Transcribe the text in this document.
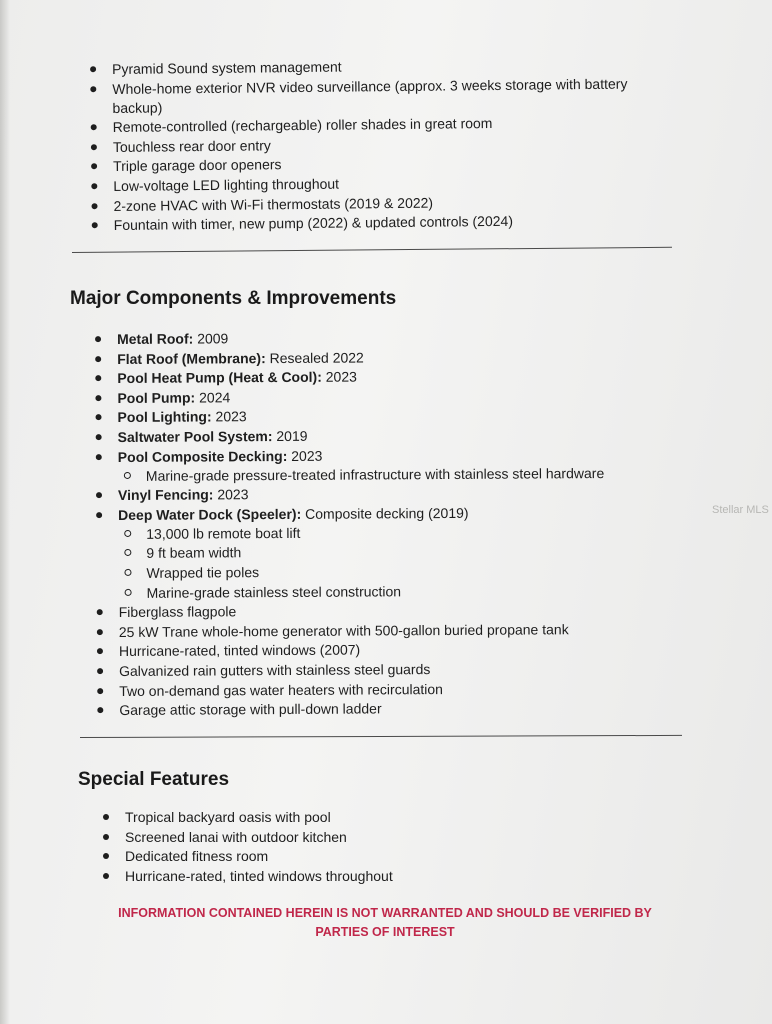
Pyramid Sound system management
Whole-home exterior NVR video surveillance (approx. 3 weeks storage with battery backup)
Remote-controlled (rechargeable) roller shades in great room
Touchless rear door entry
Triple garage door openers
Low-voltage LED lighting throughout
2-zone HVAC with Wi-Fi thermostats (2019 & 2022)
Fountain with timer, new pump (2022) & updated controls (2024)
Major Components & Improvements
Metal Roof: 2009
Flat Roof (Membrane): Resealed 2022
Pool Heat Pump (Heat & Cool): 2023
Pool Pump: 2024
Pool Lighting: 2023
Saltwater Pool System: 2019
Pool Composite Decking: 2023
Marine-grade pressure-treated infrastructure with stainless steel hardware
Vinyl Fencing: 2023
Deep Water Dock (Speeler): Composite decking (2019)
13,000 lb remote boat lift
9 ft beam width
Wrapped tie poles
Marine-grade stainless steel construction
Fiberglass flagpole
25 kW Trane whole-home generator with 500-gallon buried propane tank
Hurricane-rated, tinted windows (2007)
Galvanized rain gutters with stainless steel guards
Two on-demand gas water heaters with recirculation
Garage attic storage with pull-down ladder
Special Features
Tropical backyard oasis with pool
Screened lanai with outdoor kitchen
Dedicated fitness room
Hurricane-rated, tinted windows throughout
INFORMATION CONTAINED HEREIN IS NOT WARRANTED AND SHOULD BE VERIFIED BY PARTIES OF INTEREST
Stellar MLS
